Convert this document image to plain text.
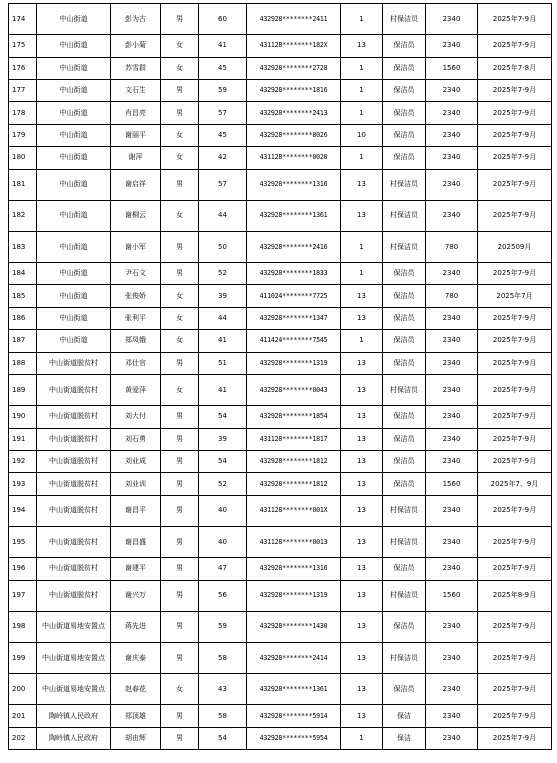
174	中山街道	彭为古	男	60	432928********2411	1	村保洁员	2340	2025年7-9月
175	中山街道	彭小菊	女	41	431128********182X	13	保洁员	2340	2025年7-9月
176	中山街道	苏雪群	女	45	432928********2728	1	保洁员	1560	2025年7-8月
177	中山街道	文石生	男	59	432928********1816	1	保洁员	2340	2025年7-9月
178	中山街道	肖昌亮	男	57	432928********2413	1	保洁员	2340	2025年7-9月
179	中山街道	谢丽平	女	45	432928********8026	10	保洁员	2340	2025年7-9月
180	中山街道	谢萍	女	42	431128********0020	1	保洁员	2340	2025年7-9月
181	中山街道	谢启祥	男	57	432928********1316	13	村保洁员	2340	2025年7-9月
182	中山街道	谢桐云	女	44	432928********1361	13	村保洁员	2340	2025年7-9月
183	中山街道	谢小军	男	50	432928********2416	1	村保洁员	780	202509月
184	中山街道	尹石文	男	52	432928********1833	1	保洁员	2340	2025年7-9月
185	中山街道	张俊娇	女	39	411024********7725	13	保洁员	780	2025年7月
186	中山街道	张利平	女	44	432928********1347	13	保洁员	2340	2025年7-9月
187	中山街道	郑凤娥	女	41	411424********7545	1	保洁员	2340	2025年7-9月
188	中山街道脱贫村	邓仕官	男	51	432928********1319	13	保洁员	2340	2025年7-9月
189	中山街道脱贫村	黄爱萍	女	41	432928********0043	13	村保洁员	2340	2025年7-9月
190	中山街道脱贫村	刘大付	男	54	432928********1854	13	保洁员	2340	2025年7-9月
191	中山街道脱贫村	刘石勇	男	39	431128********1817	13	保洁员	2340	2025年7-9月
192	中山街道脱贫村	刘业成	男	54	432928********1812	13	保洁员	2340	2025年7-9月
193	中山街道脱贫村	刘业训	男	52	432928********1812	13	保洁员	1560	2025年7、9月
194	中山街道脱贫村	谢昌平	男	40	431128********001X	13	村保洁员	2340	2025年7-9月
195	中山街道脱贫村	谢昌盛	男	40	431128********0013	13	村保洁员	2340	2025年7-9月
196	中山街道脱贫村	谢建平	男	47	432928********1316	13	保洁员	2340	2025年7-9月
197	中山街道脱贫村	谢兴万	男	56	432928********1319	13	村保洁员	1560	2025年8-9月
198	中山街道易地安置点	蒋先进	男	59	432928********1430	13	保洁员	2340	2025年7-9月
199	中山街道易地安置点	谢庆泰	男	58	432928********2414	13	村保洁员	2340	2025年7-9月
200	中山街道易地安置点	赵春花	女	43	432928********1361	13	保洁员	2340	2025年7-9月
201	陶岭镇人民政府	郑顶雄	男	58	432928********5914	13	保洁	2340	2025年7-9月
202	陶岭镇人民政府	胡由辉	男	54	432928********5954	1	保洁	2340	2025年7-9月
